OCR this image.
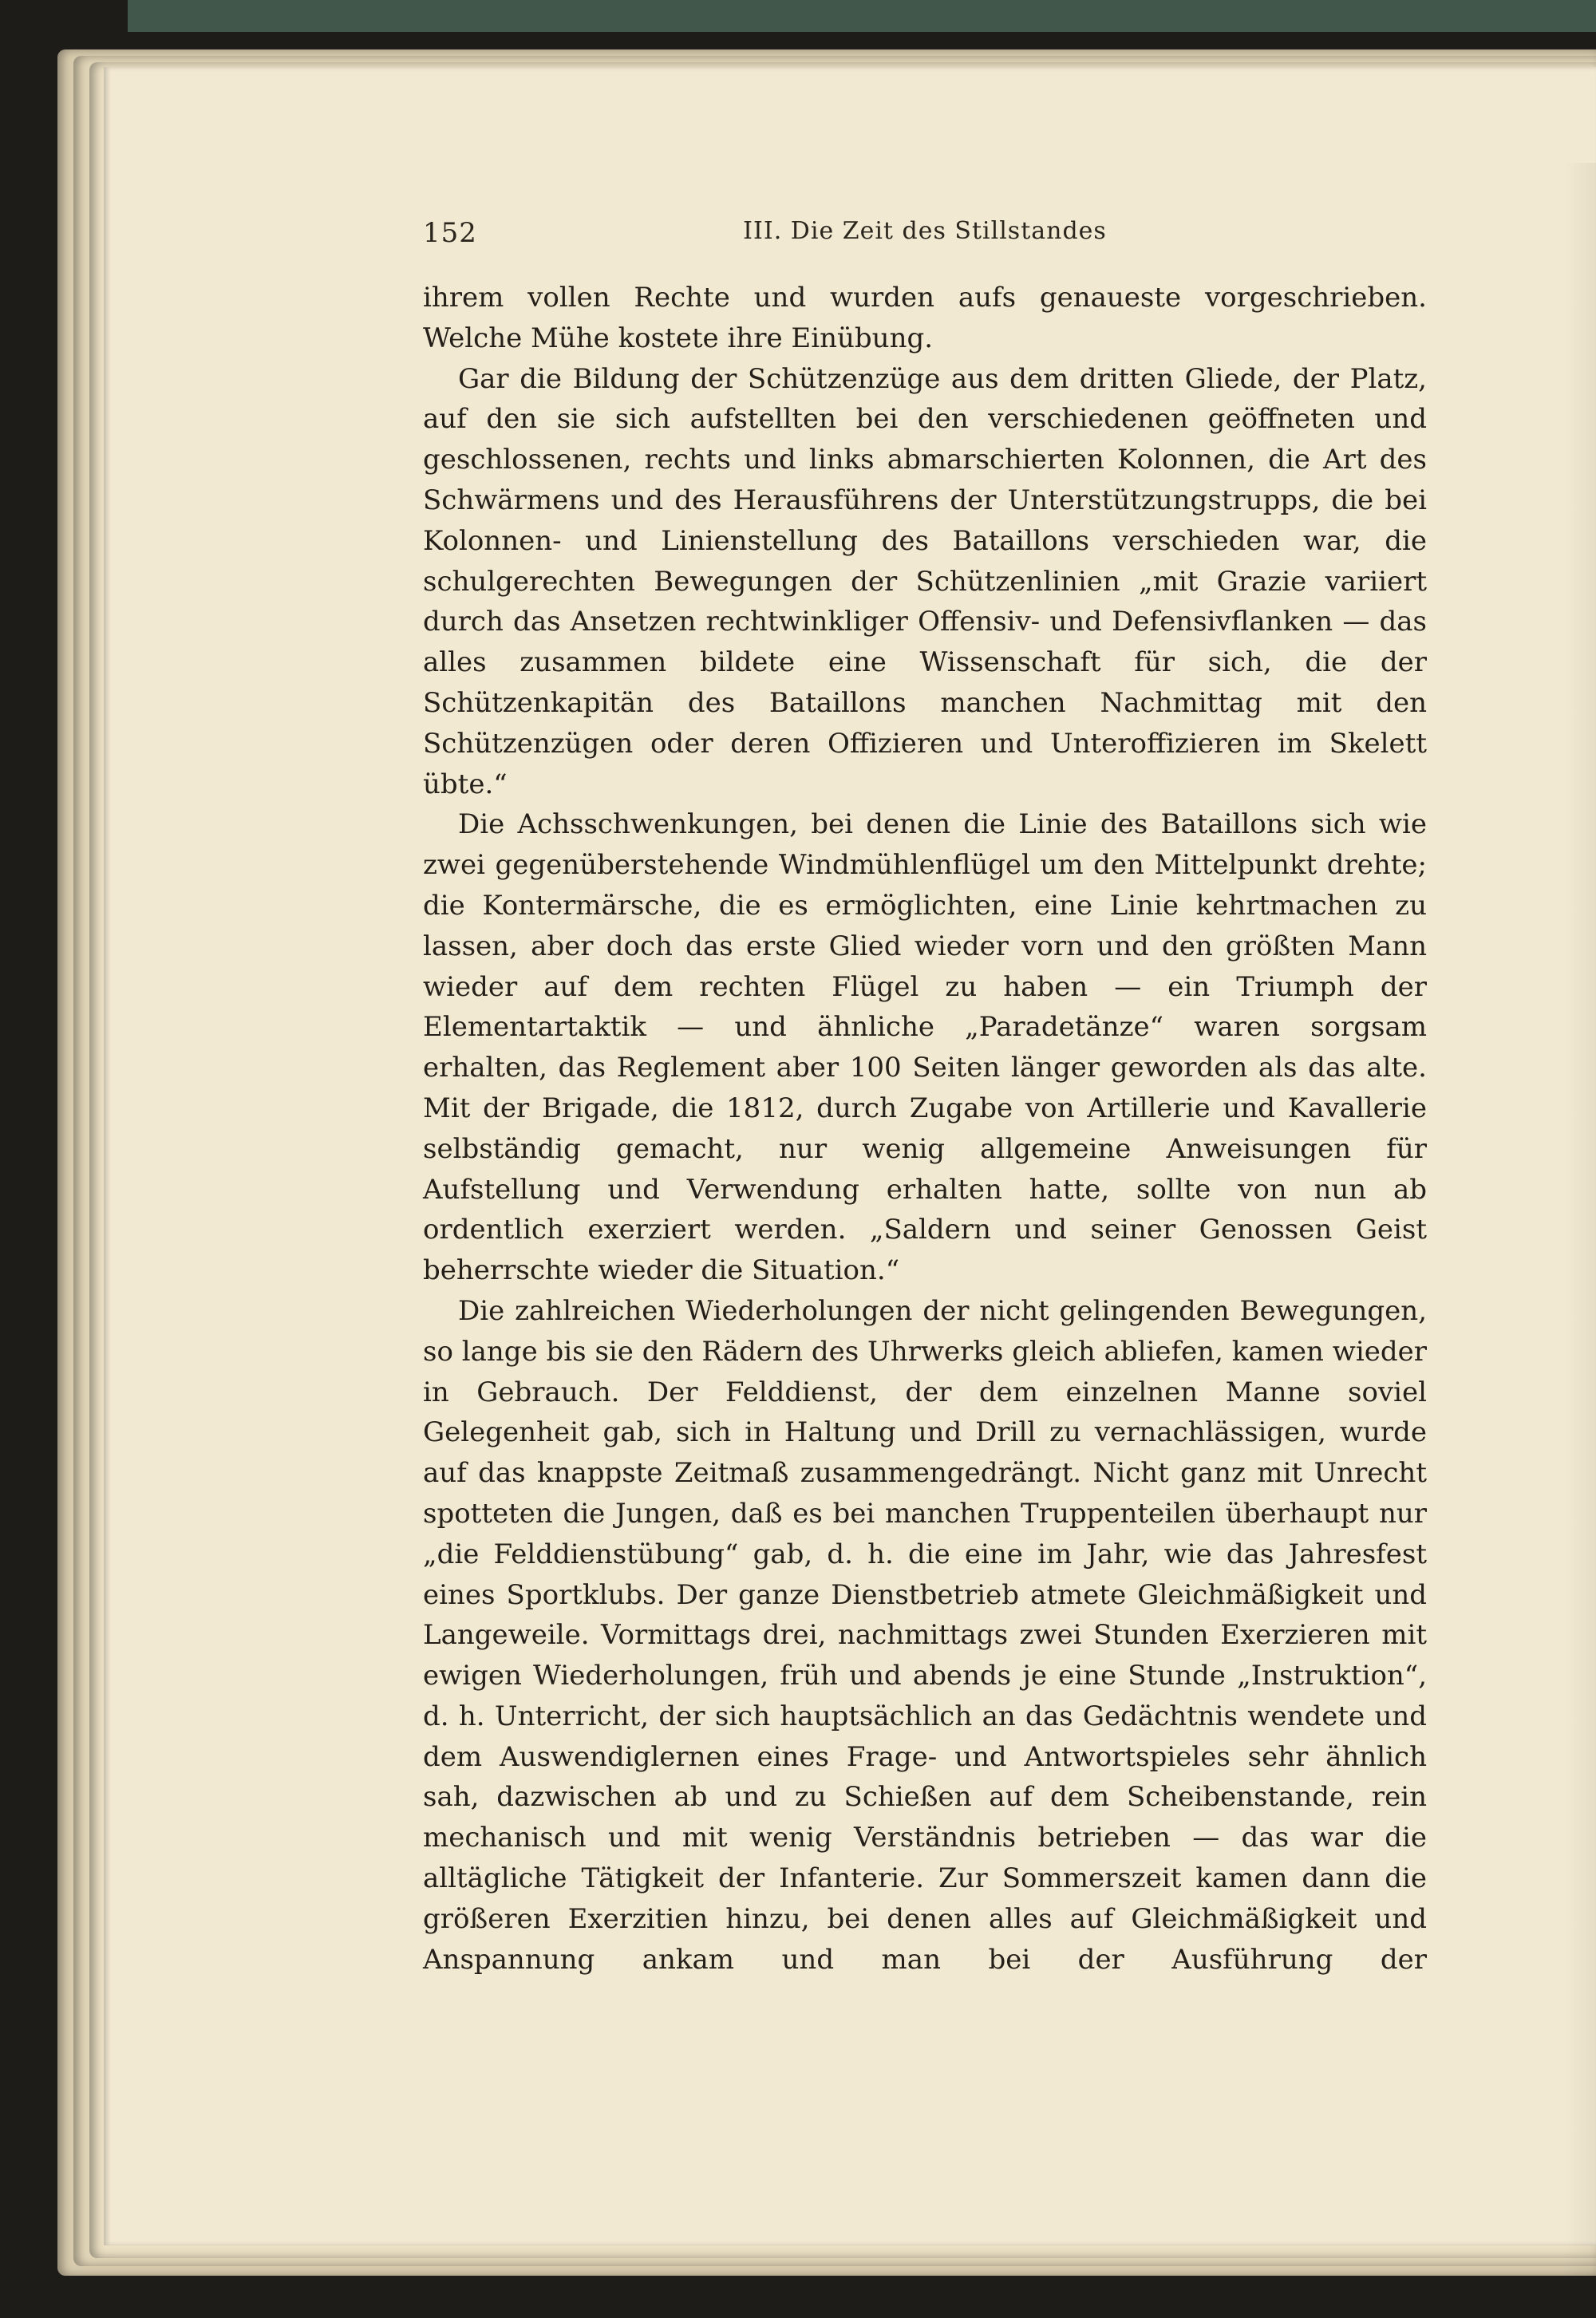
152	III. Die Zeit des Stillstandes

ihrem vollen Rechte und wurden aufs genaueste vorgeschrieben. Welche Mühe kostete ihre Einübung.

Gar die Bildung der Schützenzüge aus dem dritten Gliede, der Platz, auf den sie sich aufstellten bei den verschiedenen geöffneten und geschlossenen, rechts und links abmarschierten Kolonnen, die Art des Schwärmens und des Herausführens der Unterstützungstrupps, die bei Kolonnen- und Linienstellung des Bataillons verschieden war, die schulgerechten Bewegungen der Schützenlinien „mit Grazie variiert durch das Ansetzen rechtwinkliger Offensiv- und Defensivflanken — das alles zusammen bildete eine Wissenschaft für sich, die der Schützenkapitän des Bataillons manchen Nachmittag mit den Schützenzügen oder deren Offizieren und Unteroffizieren im Skelett übte.“

Die Achsschwenkungen, bei denen die Linie des Bataillons sich wie zwei gegenüberstehende Windmühlenflügel um den Mittelpunkt drehte; die Kontermärsche, die es ermöglichten, eine Linie kehrtmachen zu lassen, aber doch das erste Glied wieder vorn und den größten Mann wieder auf dem rechten Flügel zu haben — ein Triumph der Elementartaktik — und ähnliche „Paradetänze“ waren sorgsam erhalten, das Reglement aber 100 Seiten länger geworden als das alte. Mit der Brigade, die 1812, durch Zugabe von Artillerie und Kavallerie selbständig gemacht, nur wenig allgemeine Anweisungen für Aufstellung und Verwendung erhalten hatte, sollte von nun ab ordentlich exerziert werden. „Saldern und seiner Genossen Geist beherrschte wieder die Situation.“

Die zahlreichen Wiederholungen der nicht gelingenden Bewegungen, so lange bis sie den Rädern des Uhrwerks gleich abliefen, kamen wieder in Gebrauch. Der Felddienst, der dem einzelnen Manne soviel Gelegenheit gab, sich in Haltung und Drill zu vernachlässigen, wurde auf das knappste Zeitmaß zusammengedrängt. Nicht ganz mit Unrecht spotteten die Jungen, daß es bei manchen Truppenteilen überhaupt nur „die Felddienstübung“ gab, d. h. die eine im Jahr, wie das Jahresfest eines Sportklubs. Der ganze Dienstbetrieb atmete Gleichmäßigkeit und Langeweile. Vormittags drei, nachmittags zwei Stunden Exerzieren mit ewigen Wiederholungen, früh und abends je eine Stunde „Instruktion“, d. h. Unterricht, der sich hauptsächlich an das Gedächtnis wendete und dem Auswendiglernen eines Frage- und Antwortspieles sehr ähnlich sah, dazwischen ab und zu Schießen auf dem Scheibenstande, rein mechanisch und mit wenig Verständnis betrieben — das war die alltägliche Tätigkeit der Infanterie. Zur Sommerszeit kamen dann die größeren Exerzitien hinzu, bei denen alles auf Gleichmäßigkeit und Anspannung ankam und man bei der Ausführung der
